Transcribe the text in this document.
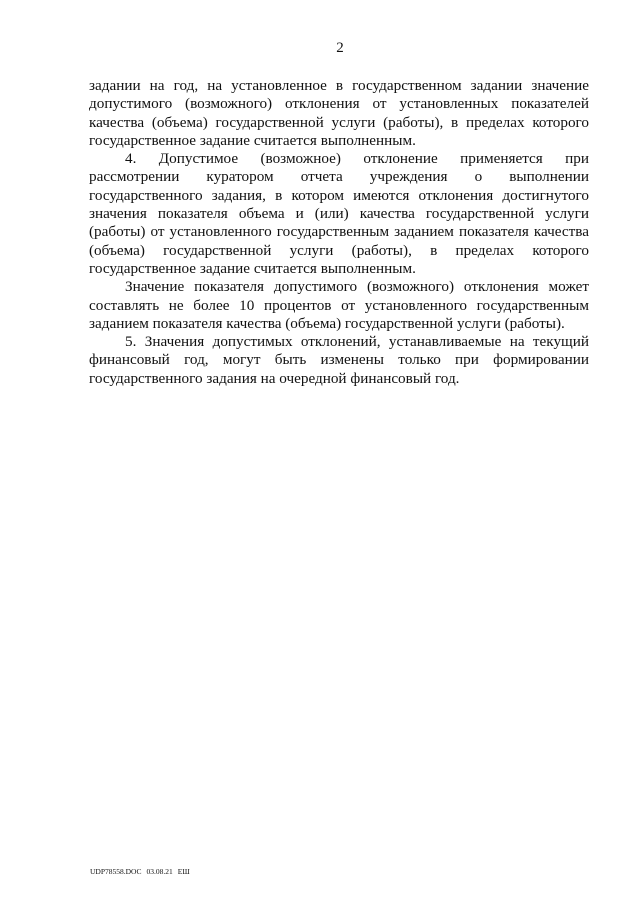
2

задании на год, на установленное в государственном задании значение допустимого (возможного) отклонения от установленных показателей качества (объема) государственной услуги (работы), в пределах которого государственное задание считается выполненным.

4. Допустимое (возможное) отклонение применяется при рассмотрении куратором отчета учреждения о выполнении государственного задания, в котором имеются отклонения достигнутого значения показателя объема и (или) качества государственной услуги (работы) от установленного государственным заданием показателя качества (объема) государственной услуги (работы), в пределах которого государственное задание считается выполненным.

Значение показателя допустимого (возможного) отклонения может составлять не более 10 процентов от установленного государственным заданием показателя качества (объема) государственной услуги (работы).

5. Значения допустимых отклонений, устанавливаемые на текущий финансовый год, могут быть изменены только при формировании государственного задания на очередной финансовый год.

UDP78558.DOC 03.08.21 ЕШ
